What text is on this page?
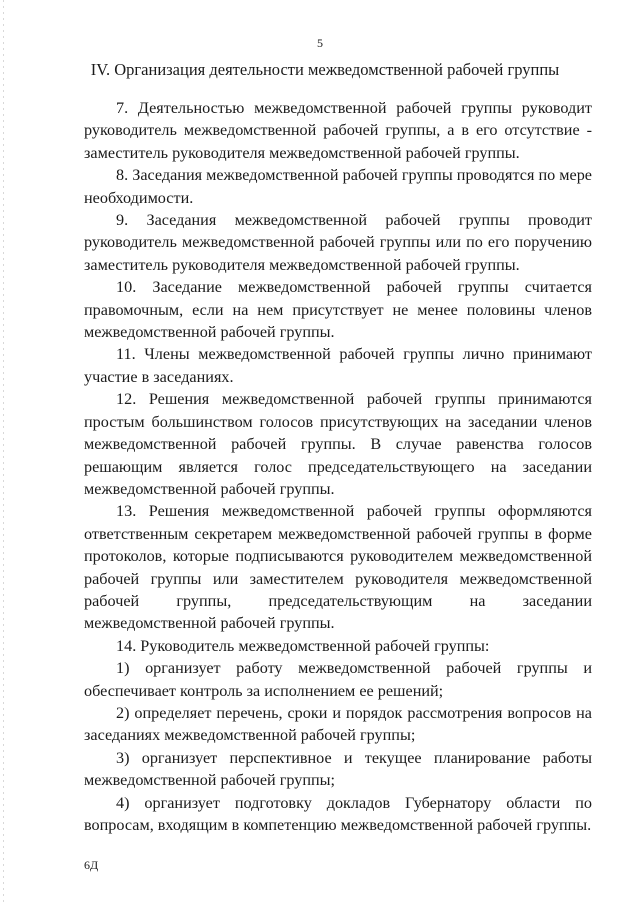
5
IV. Организация деятельности межведомственной рабочей группы

7. Деятельностью межведомственной рабочей группы руководит руководитель межведомственной рабочей группы, а в его отсутствие - заместитель руководителя межведомственной рабочей группы.

8. Заседания межведомственной рабочей группы проводятся по мере необходимости.

9. Заседания межведомственной рабочей группы проводит руководитель межведомственной рабочей группы или по его поручению заместитель руководителя межведомственной рабочей группы.

10. Заседание межведомственной рабочей группы считается правомочным, если на нем присутствует не менее половины членов межведомственной рабочей группы.

11. Члены межведомственной рабочей группы лично принимают участие в заседаниях.

12. Решения межведомственной рабочей группы принимаются простым большинством голосов присутствующих на заседании членов межведомственной рабочей группы. В случае равенства голосов решающим является голос председательствующего на заседании межведомственной рабочей группы.

13. Решения межведомственной рабочей группы оформляются ответственным секретарем межведомственной рабочей группы в форме протоколов, которые подписываются руководителем межведомственной рабочей группы или заместителем руководителя межведомственной рабочей группы, председательствующим на заседании межведомственной рабочей группы.

14. Руководитель межведомственной рабочей группы:

1) организует работу межведомственной рабочей группы и обеспечивает контроль за исполнением ее решений;

2) определяет перечень, сроки и порядок рассмотрения вопросов на заседаниях межведомственной рабочей группы;

3) организует перспективное и текущее планирование работы межведомственной рабочей группы;

4) организует подготовку докладов Губернатору области по вопросам, входящим в компетенцию межведомственной рабочей группы.

6Д
